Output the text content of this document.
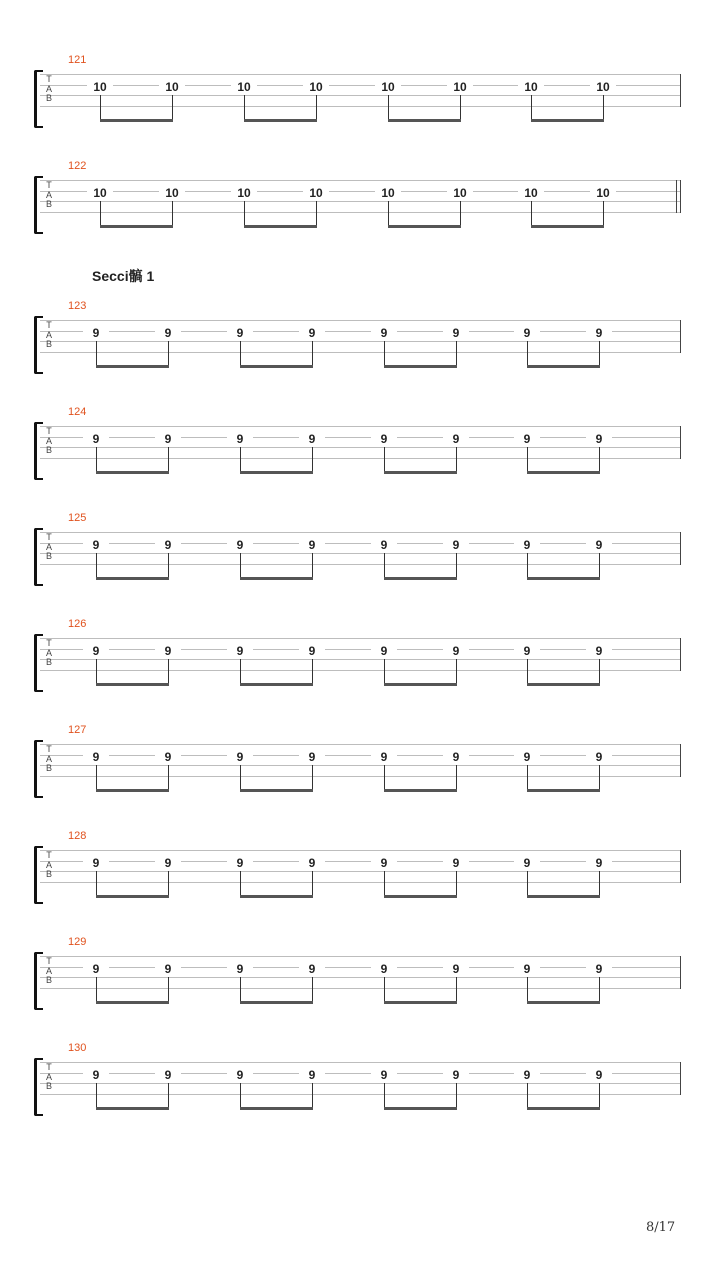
121
T
A
B
10	10	10	10	10	10	10	10
122
T
A
B
10	10	10	10	10	10	10	10
123
T
A
B
9	9	9	9	9	9	9	9
124
T
A
B
9	9	9	9	9	9	9	9
125
T
A
B
9	9	9	9	9	9	9	9
126
T
A
B
9	9	9	9	9	9	9	9
127
T
A
B
9	9	9	9	9	9	9	9
128
T
A
B
9	9	9	9	9	9	9	9
129
T
A
B
9	9	9	9	9	9	9	9
130
T
A
B
9	9	9	9	9	9	9	9
Secci髇 1
8/17
